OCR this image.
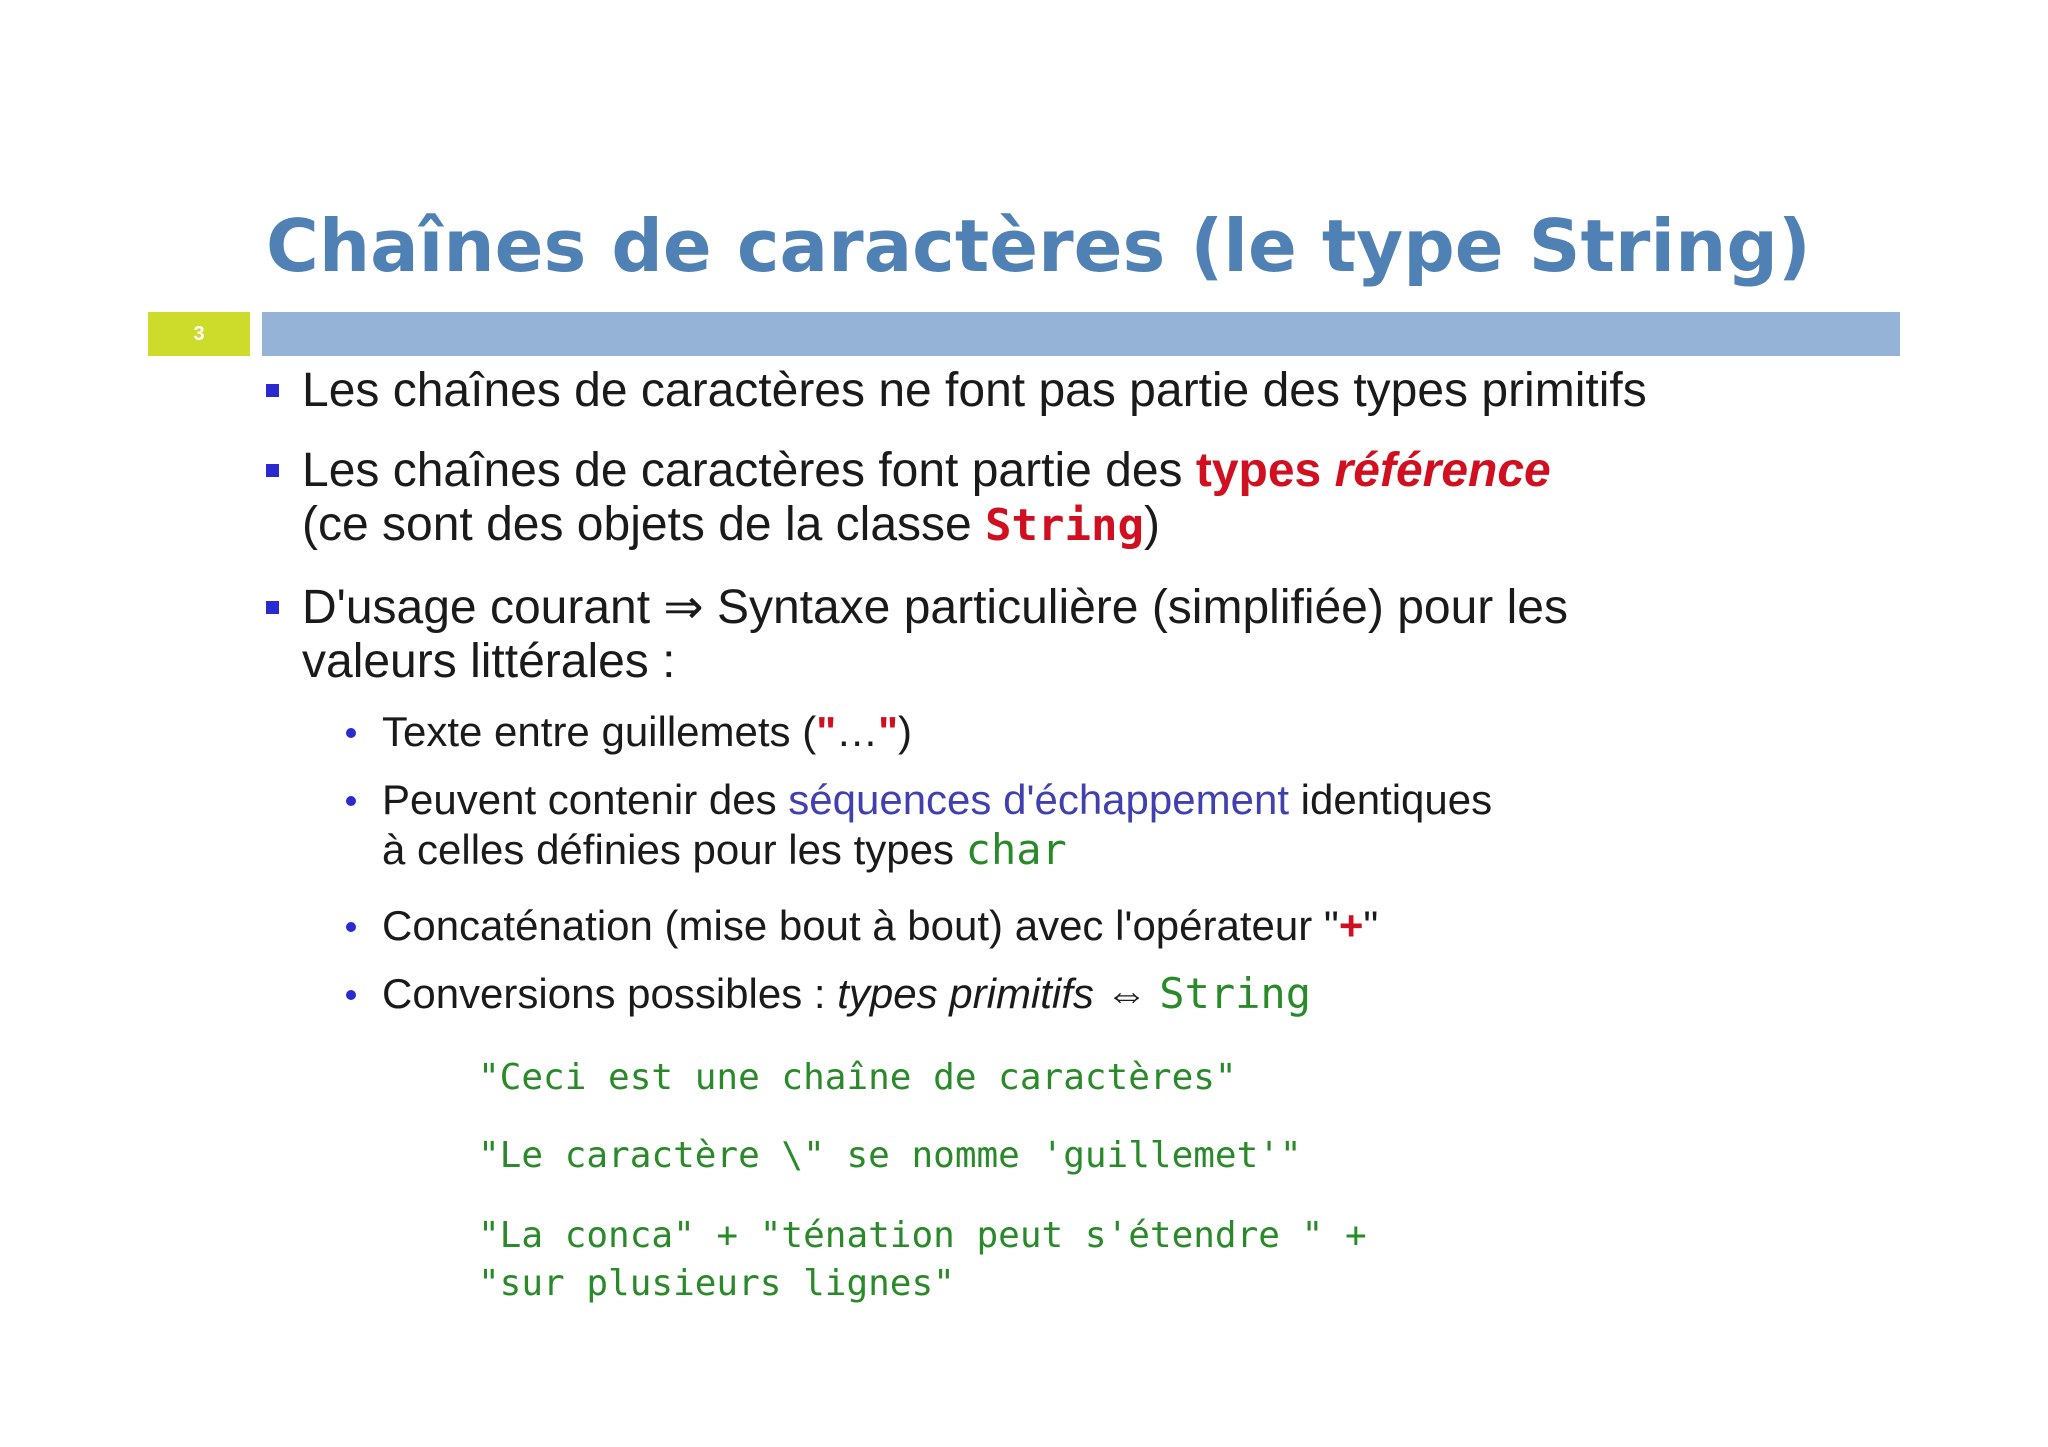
Chaînes de caractères (le type String)
3
Les chaînes de caractères ne font pas partie des types primitifs
Les chaînes de caractères font partie des types référence
(ce sont des objets de la classe String)
D'usage courant ⇒ Syntaxe particulière (simplifiée) pour les
valeurs littérales :
Texte entre guillemets ("…")
Peuvent contenir des séquences d'échappement identiques
à celles définies pour les types char
Concaténation (mise bout à bout) avec l'opérateur "+"
Conversions possibles : types primitifs ⇔ String
"Ceci est une chaîne de caractères"
"Le caractère \" se nomme 'guillemet'"
"La conca" + "ténation peut s'étendre " +
"sur plusieurs lignes"
